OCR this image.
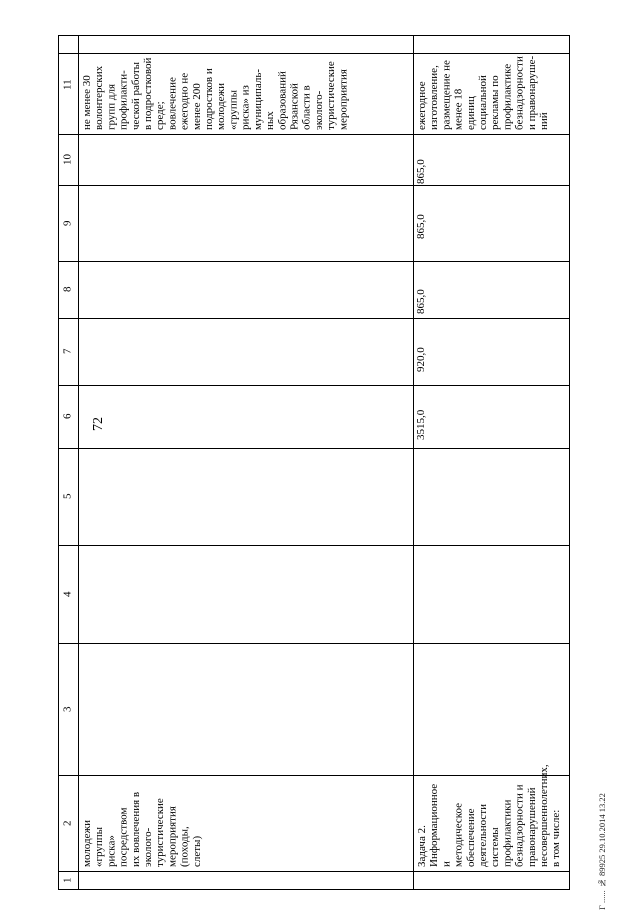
72
11
10
9
8
7
6
5
4
3
2
1
молодежи «группы
риска» посредством
их вовлечения в
эколого-
туристические
мероприятия (походы,
слеты)
не менее 30
волонтерских
групп для
профилакти-
ческой работы
в подростковой
среде;
вовлечение
ежегодно не
менее 200
подростков и
молодежи
«группы
риска» из
муниципаль-
ных
образований
Рязанской
области в
эколого-
туристические
мероприятия
Задача 2.
Информационное и
методическое
обеспечение
деятельности системы
профилактики
безнадзорности и
правонарушений
несовершеннолетних,
в том числе:
ежегодное
изготовление,
размещение не
менее 18
единиц
социальной
рекламы по
профилактике
безнадзорности
и правонаруше-
ний
3515,0
920,0
865,0
865,0
865,0
Г ...... № 89925 29.10.2014 13.22
